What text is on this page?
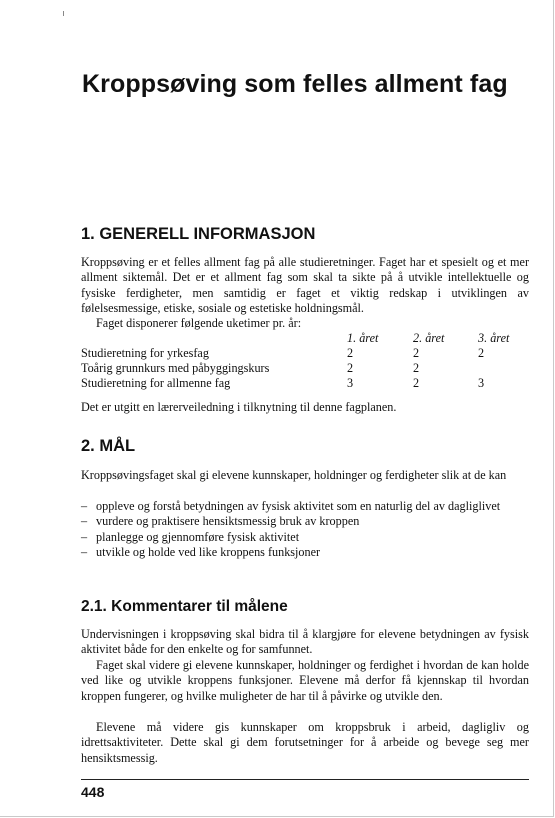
Kroppsøving som felles allment fag
1. GENERELL INFORMASJON

Kroppsøving er et felles allment fag på alle studieretninger. Faget har et spesielt og et mer allment siktemål. Det er et allment fag som skal ta sikte på å utvikle intellektuelle og fysiske ferdigheter, men samtidig er faget et viktig redskap i utviklingen av følelsesmessige, etiske, sosiale og estetiske holdningsmål.

Faget disponerer følgende uketimer pr. år:

1. året	2. året	3. året
Studieretning for yrkesfag	2	2	2
Toårig grunnkurs med påbyggingskurs	2	2
Studieretning for allmenne fag	3	2	3

Det er utgitt en lærerveiledning i tilknytning til denne fagplanen.

2. MÅL

Kroppsøvingsfaget skal gi elevene kunnskaper, holdninger og ferdigheter slik at de kan

– oppleve og forstå betydningen av fysisk aktivitet som en naturlig del av dagliglivet
– vurdere og praktisere hensiktsmessig bruk av kroppen
– planlegge og gjennomføre fysisk aktivitet
– utvikle og holde ved like kroppens funksjoner
2.1. Kommentarer til målene

Undervisningen i kroppsøving skal bidra til å klargjøre for elevene betydningen av fysisk aktivitet både for den enkelte og for samfunnet.

Faget skal videre gi elevene kunnskaper, holdninger og ferdighet i hvordan de kan holde ved like og utvikle kroppens funksjoner. Elevene må derfor få kjennskap til hvordan kroppen fungerer, og hvilke muligheter de har til å påvirke og utvikle den.

Elevene må videre gis kunnskaper om kroppsbruk i arbeid, dagligliv og idrettsaktiviteter. Dette skal gi dem forutsetninger for å arbeide og bevege seg mer hensiktsmessig.

448
